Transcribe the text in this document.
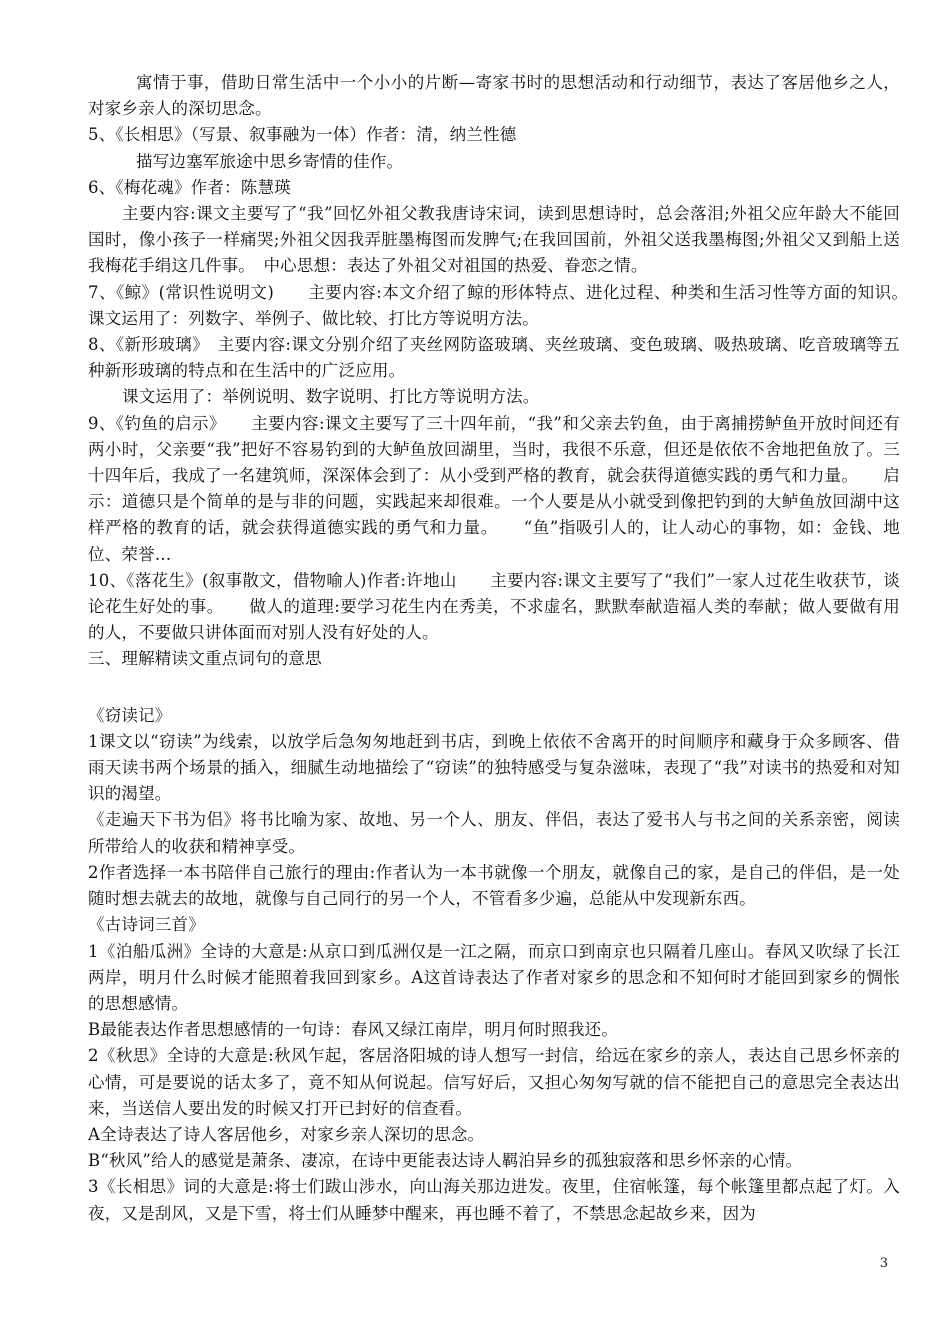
寓情于事，借助日常生活中一个小小的片断—寄家书时的思想活动和行动细节，表达了客居他乡之人，对家乡亲人的深切思念。
5、《长相思》（写景、叙事融为一体）作者：清，纳兰性德
描写边塞军旅途中思乡寄情的佳作。
6、《梅花魂》作者：陈慧瑛
主要内容:课文主要写了“我”回忆外祖父教我唐诗宋词，读到思想诗时，总会落泪;外祖父应年龄大不能回国时，像小孩子一样痛哭;外祖父因我弄脏墨梅图而发脾气;在我回国前，外祖父送我墨梅图;外祖父又到船上送我梅花手绢这几件事。　中心思想：表达了外祖父对祖国的热爱、眷恋之情。
7、《鲸》(常识性说明文)　　主要内容:本文介绍了鲸的形体特点、进化过程、种类和生活习性等方面的知识。　　课文运用了：列数字、举例子、做比较、打比方等说明方法。
8、《新形玻璃》　主要内容:课文分别介绍了夹丝网防盗玻璃、夹丝玻璃、变色玻璃、吸热玻璃、吃音玻璃等五种新形玻璃的特点和在生活中的广泛应用。
课文运用了：举例说明、数字说明、打比方等说明方法。
9、《钓鱼的启示》　　主要内容:课文主要写了三十四年前，“我”和父亲去钓鱼，由于离捕捞鲈鱼开放时间还有两小时，父亲要“我”把好不容易钓到的大鲈鱼放回湖里，当时，我很不乐意，但还是依依不舍地把鱼放了。三十四年后，我成了一名建筑师，深深体会到了：从小受到严格的教育，就会获得道德实践的勇气和力量。　　启示：道德只是个简单的是与非的问题，实践起来却很难。一个人要是从小就受到像把钓到的大鲈鱼放回湖中这样严格的教育的话，就会获得道德实践的勇气和力量。　　“鱼”指吸引人的，让人动心的事物，如：金钱、地位、荣誉…
10、《落花生》(叙事散文，借物喻人)作者:许地山　　主要内容:课文主要写了“我们”一家人过花生收获节，谈论花生好处的事。　　做人的道理:要学习花生内在秀美，不求虚名，默默奉献造福人类的奉献；做人要做有用的人，不要做只讲体面而对别人没有好处的人。
三、理解精读文重点词句的意思
《窃读记》
1课文以“窃读”为线索，以放学后急匆匆地赶到书店，到晚上依依不舍离开的时间顺序和藏身于众多顾客、借雨天读书两个场景的插入，细腻生动地描绘了“窃读”的独特感受与复杂滋味，表现了“我”对读书的热爱和对知识的渴望。
《走遍天下书为侣》将书比喻为家、故地、另一个人、朋友、伴侣，表达了爱书人与书之间的关系亲密，阅读所带给人的收获和精神享受。
2作者选择一本书陪伴自己旅行的理由:作者认为一本书就像一个朋友，就像自己的家，是自己的伴侣，是一处随时想去就去的故地，就像与自己同行的另一个人，不管看多少遍，总能从中发现新东西。
《古诗词三首》
1《泊船瓜洲》全诗的大意是:从京口到瓜洲仅是一江之隔，而京口到南京也只隔着几座山。春风又吹绿了长江两岸，明月什么时候才能照着我回到家乡。A这首诗表达了作者对家乡的思念和不知何时才能回到家乡的惆怅的思想感情。
B最能表达作者思想感情的一句诗：春风又绿江南岸，明月何时照我还。
2《秋思》全诗的大意是:秋风乍起，客居洛阳城的诗人想写一封信，给远在家乡的亲人，表达自己思乡怀亲的心情，可是要说的话太多了，竟不知从何说起。信写好后，又担心匆匆写就的信不能把自己的意思完全表达出来，当送信人要出发的时候又打开已封好的信查看。
A全诗表达了诗人客居他乡，对家乡亲人深切的思念。
B“秋风”给人的感觉是萧条、凄凉，在诗中更能表达诗人羁泊异乡的孤独寂落和思乡怀亲的心情。
3《长相思》词的大意是:将士们跋山涉水，向山海关那边进发。夜里，住宿帐篷，每个帐篷里都点起了灯。入夜，又是刮风，又是下雪，将士们从睡梦中醒来，再也睡不着了，不禁思念起故乡来，因为
3
